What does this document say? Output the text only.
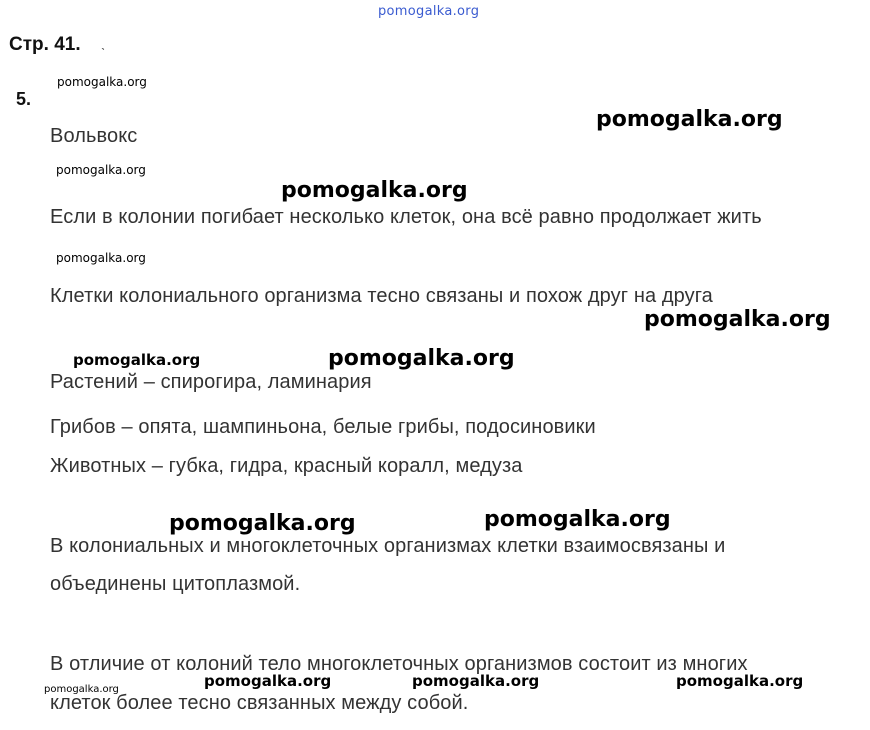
pomogalka.org
Стр. 41. ˎ
5.
Вольвокс
Если в колонии погибает несколько клеток, она всё равно продолжает жить
Клетки колониального организма тесно связаны и похож друг на друга
Растений – спирогира, ламинария
Грибов – опята, шампиньона, белые грибы, подосиновики
Животных – губка, гидра, красный коралл, медуза
В колониальных и многоклеточных организмах клетки взаимосвязаны и
объединены цитоплазмой.
В отличие от колоний тело многоклеточных организмов состоит из многих
клеток более тесно связанных между собой.
pomogalka.org
pomogalka.org
pomogalka.org
pomogalka.org
pomogalka.org
pomogalka.org
pomogalka.org	pomogalka.org
pomogalka.org	pomogalka.org
pomogalka.org	pomogalka.org	pomogalka.org	pomogalka.org
